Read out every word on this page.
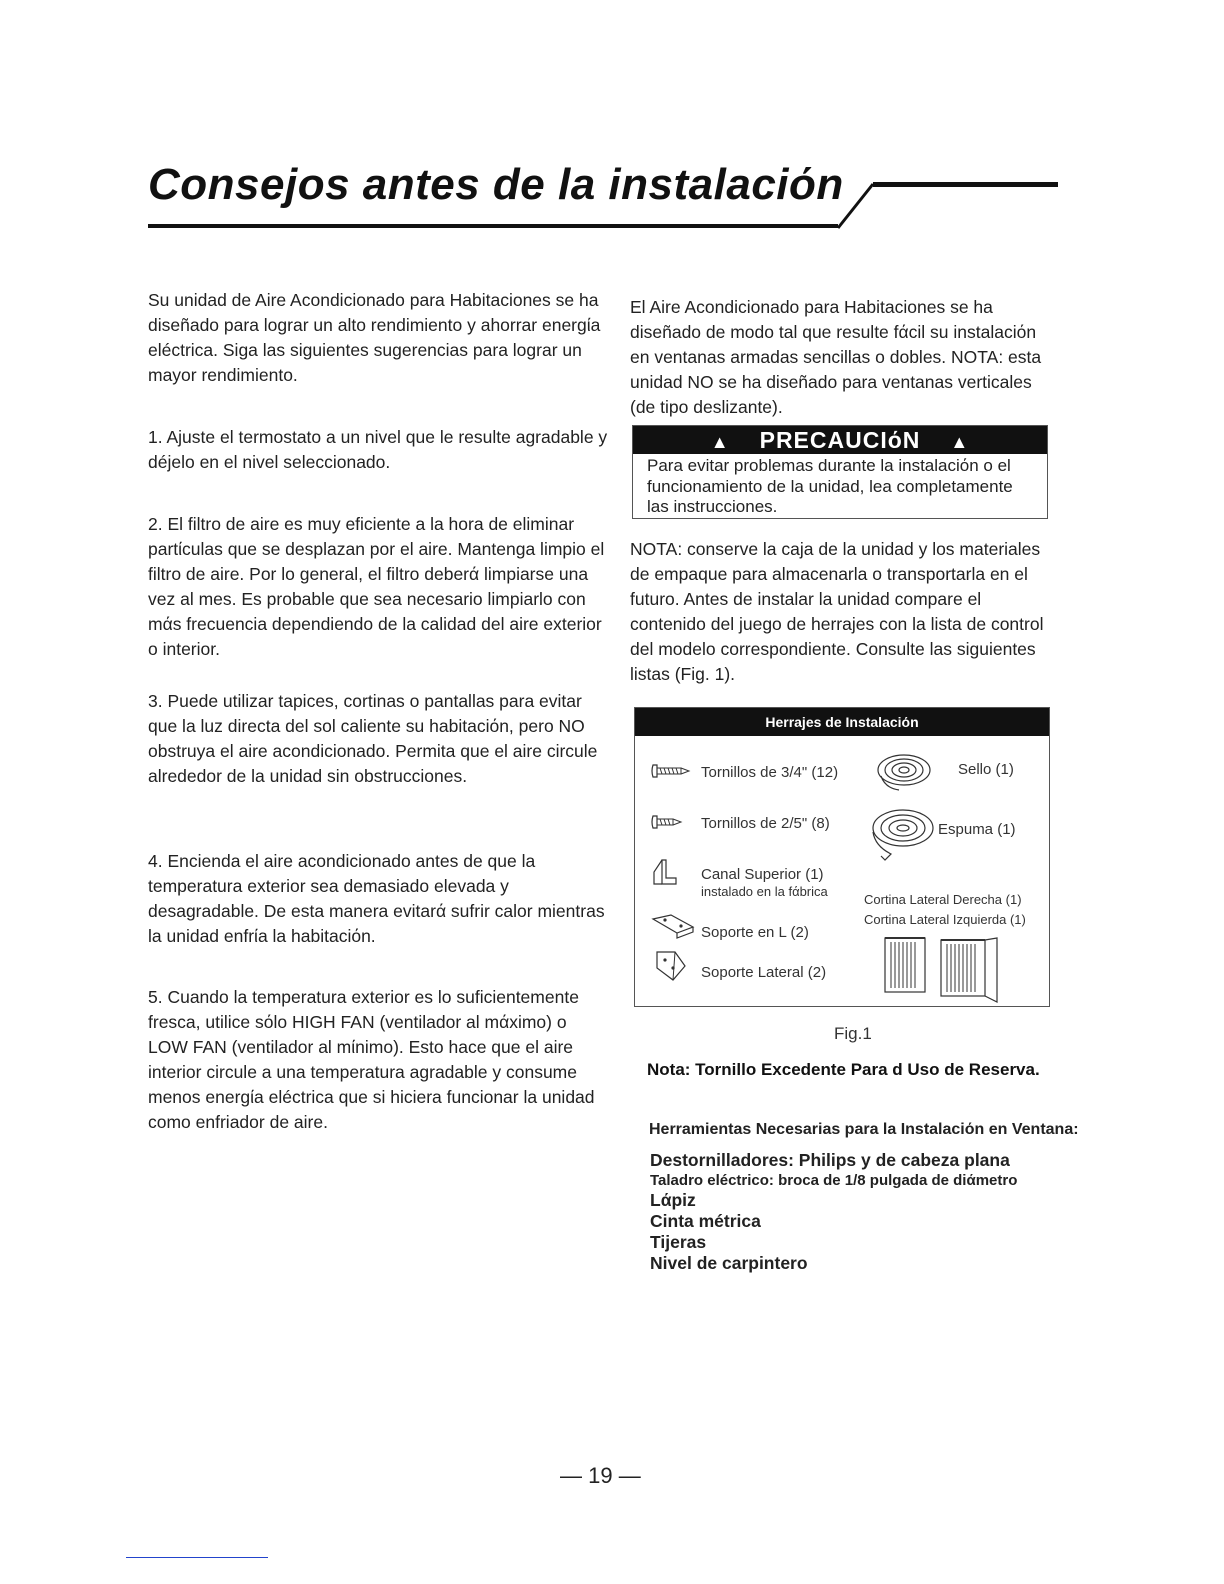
Consejos antes de la instalaciόn

Su unidad de Aire Acondicionado para Habitaciones se ha diseñado para lograr un alto rendimiento y ahorrar energίa eléctrica. Siga las siguientes sugerencias para lograr un mayor rendimiento.

1. Ajuste el termostato a un nivel que le resulte agradable y déjelo en el nivel seleccionado.

2. El filtro de aire es muy eficiente a la hora de eliminar partίculas que se desplazan por el aire. Mantenga limpio el filtro de aire. Por lo general, el filtro deberά limpiarse una vez al mes. Es probable que sea necesario limpiarlo con mάs frecuencia dependiendo de la calidad del aire exterior o interior.

3. Puede utilizar tapices, cortinas o pantallas para evitar que la luz directa del sol caliente su habitaciόn, pero NO obstruya el aire acondicionado. Permita que el aire circule alrededor de la unidad sin obstrucciones.

4. Encienda el aire acondicionado antes de que la temperatura exterior sea demasiado elevada y desagradable. De esta manera evitarά sufrir calor mientras la unidad enfrίa la habitaciόn.

5. Cuando la temperatura exterior es lo suficientemente fresca, utilice sόlo HIGH FAN (ventilador al mάximo) o LOW FAN (ventilador al mίnimo). Esto hace que el aire interior circule a una temperatura agradable y consume menos energίa eléctrica que si hiciera funcionar la unidad como enfriador de aire.

El Aire Acondicionado para Habitaciones se ha diseñado de modo tal que resulte fάcil su instalaciόn en ventanas armadas sencillas o dobles. NOTA: esta unidad NO se ha diseñado para ventanas verticales (de tipo deslizante).

▲ PRECAUCIόN ▲
Para evitar problemas durante la instalaciόn o el funcionamiento de la unidad, lea completamente las instrucciones.

NOTA: conserve la caja de la unidad y los materiales de empaque para almacenarla o transportarla en el futuro. Antes de instalar la unidad compare el contenido del juego de herrajes con la lista de control del modelo correspondiente. Consulte las siguientes listas (Fig. 1).

Herrajes de Instalaciόn
Tornillos de 3/4" (12)	Sello (1)
Tornillos de 2/5" (8)	Espuma (1)
Canal Superior (1)
instalado en la fάbrica
Cortina Lateral Derecha (1)
Cortina Lateral Izquierda (1)
Soporte en L (2)
Soporte Lateral (2)
Fig.1
Nota: Tornillo Excedente Para d Uso de Reserva.
Herramientas Necesarias para la Instalaciόn en Ventana:
Destornilladores: Philips y de cabeza plana
Taladro eléctrico: broca de 1/8 pulgada de diάmetro
Lάpiz
Cinta métrica
Tijeras
Nivel de carpintero
— 19 —
